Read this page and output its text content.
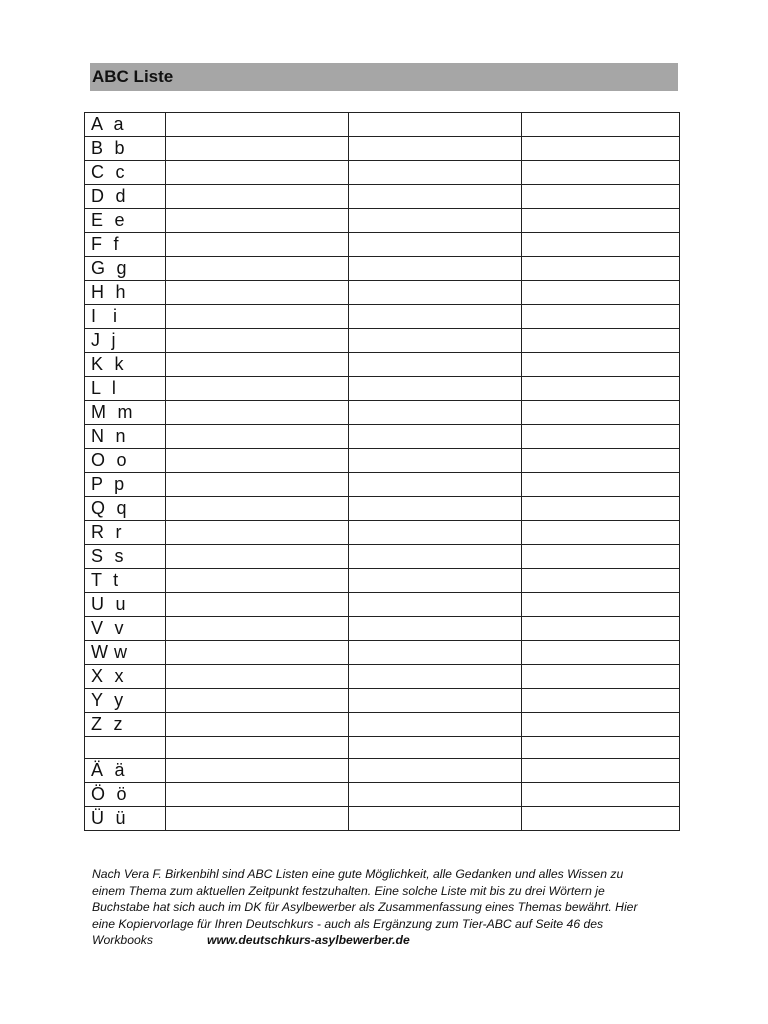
ABC Liste
A  a			
B  b			
C  c			
D  d			
E  e			
F  f			
G  g			
H  h			
I   i			
J  j			
K  k			
L  l			
M  m			
N  n			
O  o			
P  p			
Q  q			
R  r			
S  s			
T  t			
U  u			
V  v			
W w			
X  x			
Y  y			
Z  z			

Ä  ä			
Ö  ö			
Ü  ü			
Nach Vera F. Birkenbihl sind ABC Listen eine gute Möglichkeit, alle Gedanken und alles Wissen zu
einem Thema zum aktuellen Zeitpunkt festzuhalten. Eine solche Liste mit bis zu drei Wörtern je
Buchstabe hat sich auch im DK für Asylbewerber als Zusammenfassung eines Themas bewährt. Hier
eine Kopiervorlage für Ihren Deutschkurs - auch als Ergänzung zum Tier-ABC auf Seite 46 des
Workbooks	www.deutschkurs-asylbewerber.de
